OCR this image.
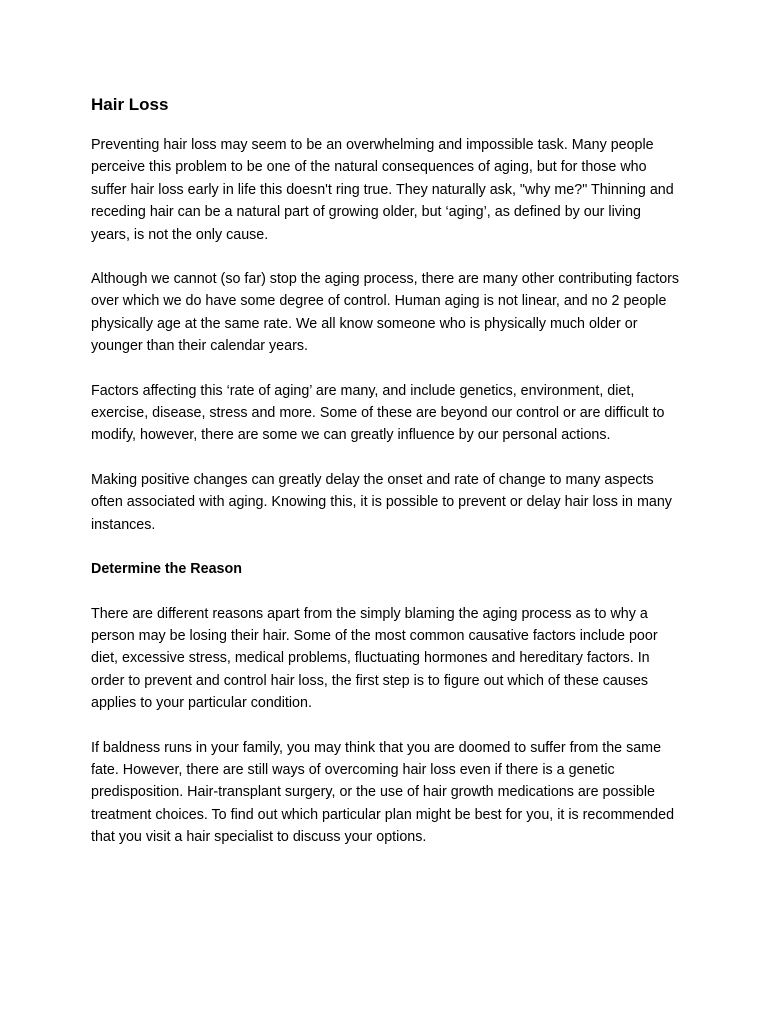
Hair Loss

Preventing hair loss may seem to be an overwhelming and impossible task. Many people perceive this problem to be one of the natural consequences of aging, but for those who suffer hair loss early in life this doesn't ring true. They naturally ask, "why me?" Thinning and receding hair can be a natural part of growing older, but ‘aging’, as defined by our living years, is not the only cause.

Although we cannot (so far) stop the aging process, there are many other contributing factors over which we do have some degree of control. Human aging is not linear, and no 2 people physically age at the same rate. We all know someone who is physically much older or younger than their calendar years.

Factors affecting this ‘rate of aging’ are many, and include genetics, environment, diet, exercise, disease, stress and more. Some of these are beyond our control or are difficult to modify, however, there are some we can greatly influence by our personal actions.

Making positive changes can greatly delay the onset and rate of change to many aspects often associated with aging. Knowing this, it is possible to prevent or delay hair loss in many instances.

Determine the Reason

There are different reasons apart from the simply blaming the aging process as to why a person may be losing their hair. Some of the most common causative factors include poor diet, excessive stress, medical problems, fluctuating hormones and hereditary factors. In order to prevent and control hair loss, the first step is to figure out which of these causes applies to your particular condition.

If baldness runs in your family, you may think that you are doomed to suffer from the same fate. However, there are still ways of overcoming hair loss even if there is a genetic predisposition. Hair-transplant surgery, or the use of hair growth medications are possible treatment choices. To find out which particular plan might be best for you, it is recommended that you visit a hair specialist to discuss your options.
